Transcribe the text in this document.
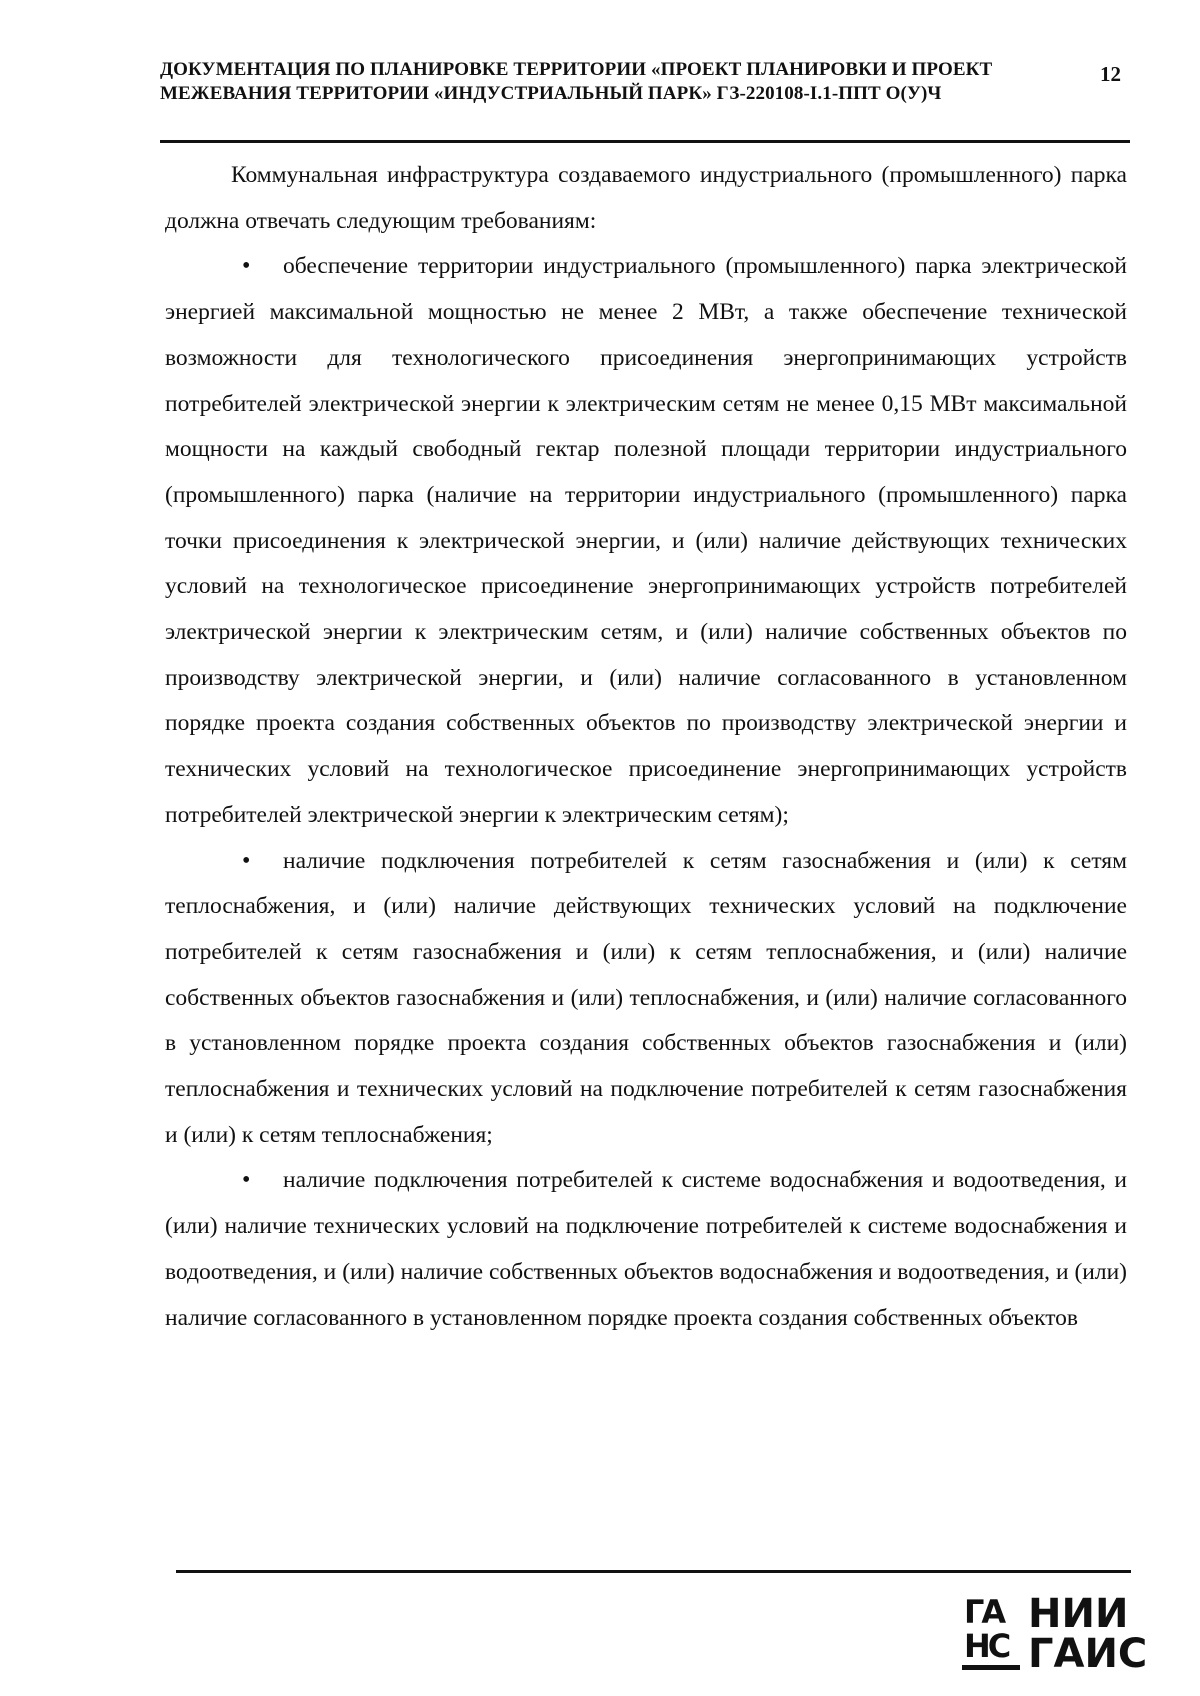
ДОКУМЕНТАЦИЯ ПО ПЛАНИРОВКЕ ТЕРРИТОРИИ «ПРОЕКТ ПЛАНИРОВКИ И ПРОЕКТ
МЕЖЕВАНИЯ ТЕРРИТОРИИ «ИНДУСТРИАЛЬНЫЙ ПАРК» ГЗ-220108-I.1-ППТ О(У)Ч
12

Коммунальная инфраструктура создаваемого индустриального (промышленного) парка должна отвечать следующим требованиям:

•	обеспечение территории индустриального (промышленного) парка электрической энергией максимальной мощностью не менее 2 МВт, а также обеспечение технической возможности для технологического присоединения энергопринимающих устройств потребителей электрической энергии к электрическим сетям не менее 0,15 МВт максимальной мощности на каждый свободный гектар полезной площади территории индустриального (промышленного) парка (наличие на территории индустриального (промышленного) парка точки присоединения к электрической энергии, и (или) наличие действующих технических условий на технологическое присоединение энергопринимающих устройств потребителей электрической энергии к электрическим сетям, и (или) наличие собственных объектов по производству электрической энергии, и (или) наличие согласованного в установленном порядке проекта создания собственных объектов по производству электрической энергии и технических условий на технологическое присоединение энергопринимающих устройств потребителей электрической энергии к электрическим сетям);

•	наличие подключения потребителей к сетям газоснабжения и (или) к сетям теплоснабжения, и (или) наличие действующих технических условий на подключение потребителей к сетям газоснабжения и (или) к сетям теплоснабжения, и (или) наличие собственных объектов газоснабжения и (или) теплоснабжения, и (или) наличие согласованного в установленном порядке проекта создания собственных объектов газоснабжения и (или) теплоснабжения и технических условий на подключение потребителей к сетям газоснабжения и (или) к сетям теплоснабжения;

•	наличие подключения потребителей к системе водоснабжения и водоотведения, и (или) наличие технических условий на подключение потребителей к системе водоснабжения и водоотведения, и (или) наличие собственных объектов водоснабжения и водоотведения, и (или) наличие согласованного в установленном порядке проекта создания собственных объектов

ГА
НС
НИИ
ГАИС
